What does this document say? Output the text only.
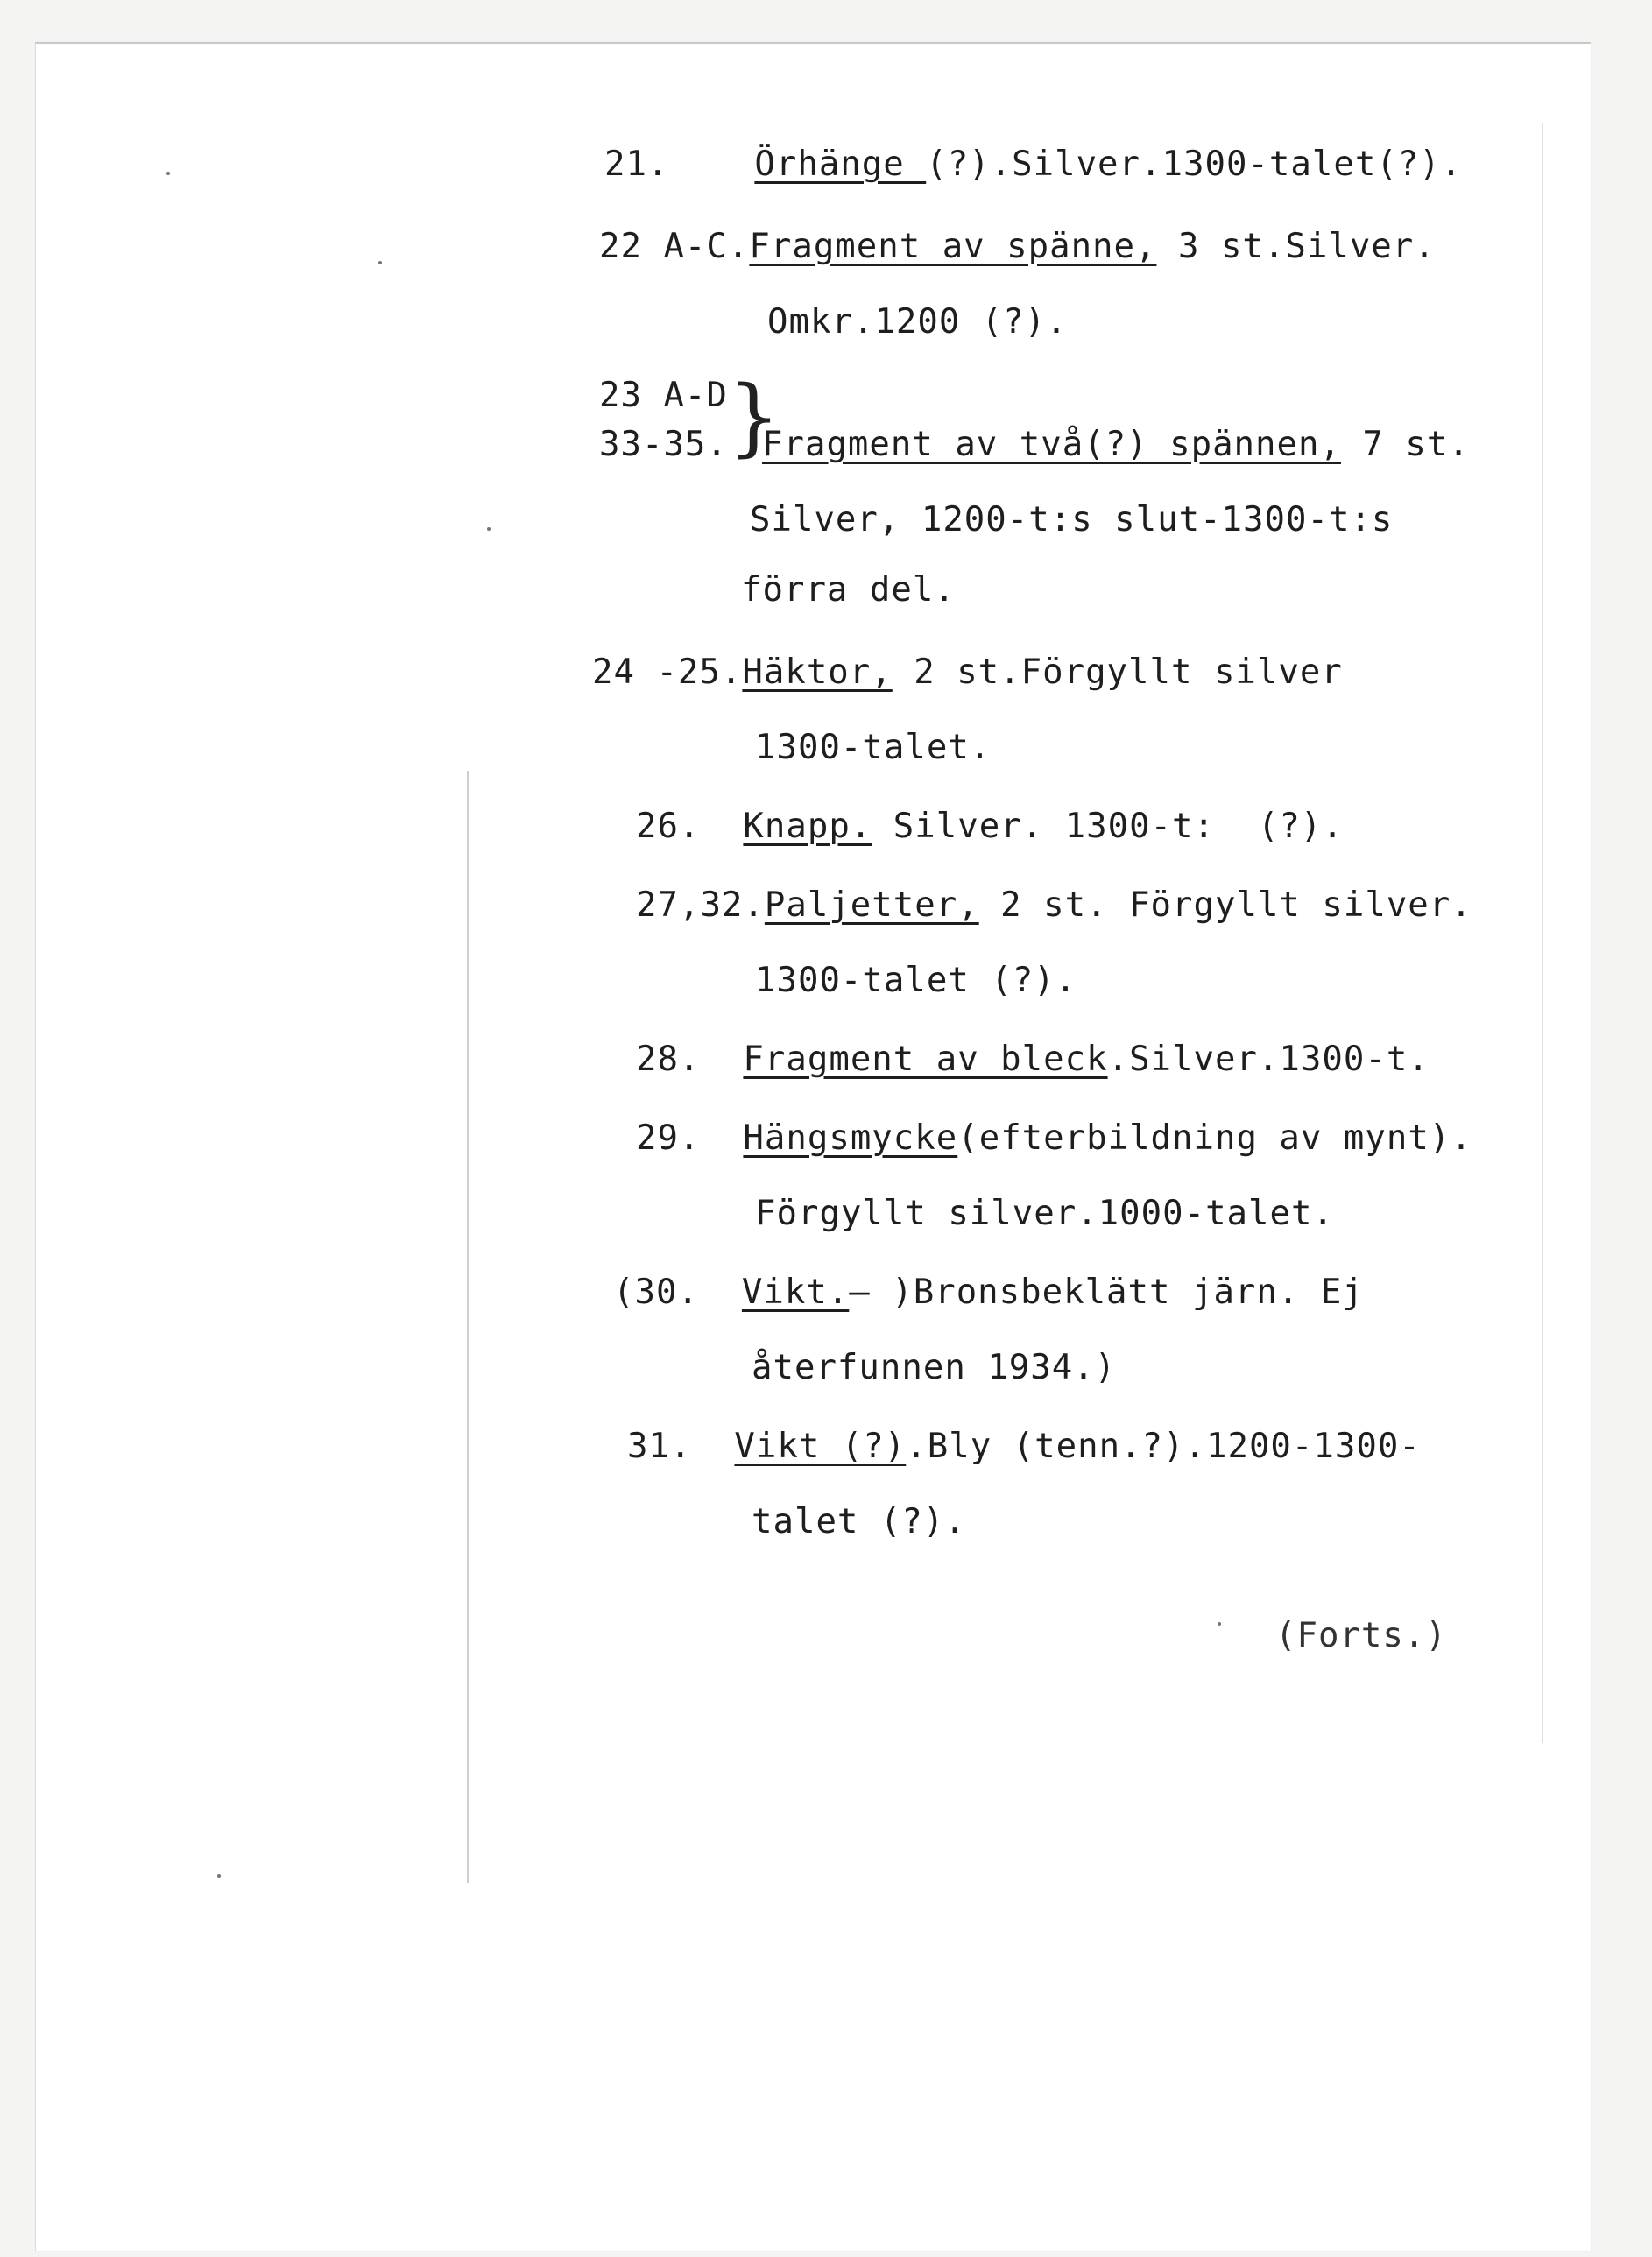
21.	Örhänge (?).Silver.1300-talet(?).
22 A-C.Fragment av spänne, 3 st.Silver.
Omkr.1200 (?).
23 A-D }
33-35. Fragment av två(?) spännen, 7 st.
Silver, 1200-t:s slut-1300-t:s
förra del.
24 -25.Häktor, 2 st.Förgyllt silver
1300-talet.
26. Knapp. Silver. 1300-t:  (?).
27,32.Paljetter, 2 st. Förgyllt silver.
1300-talet (?).
28. Fragment av bleck.Silver.1300-t.
29. Hängsmycke(efterbildning av mynt).
Förgyllt silver.1000-talet.
(30. Vikt.— )Bronsbeklätt järn. Ej
återfunnen 1934.)
31. Vikt (?).Bly (tenn.?).1200-1300-
talet (?).
(Forts.)
